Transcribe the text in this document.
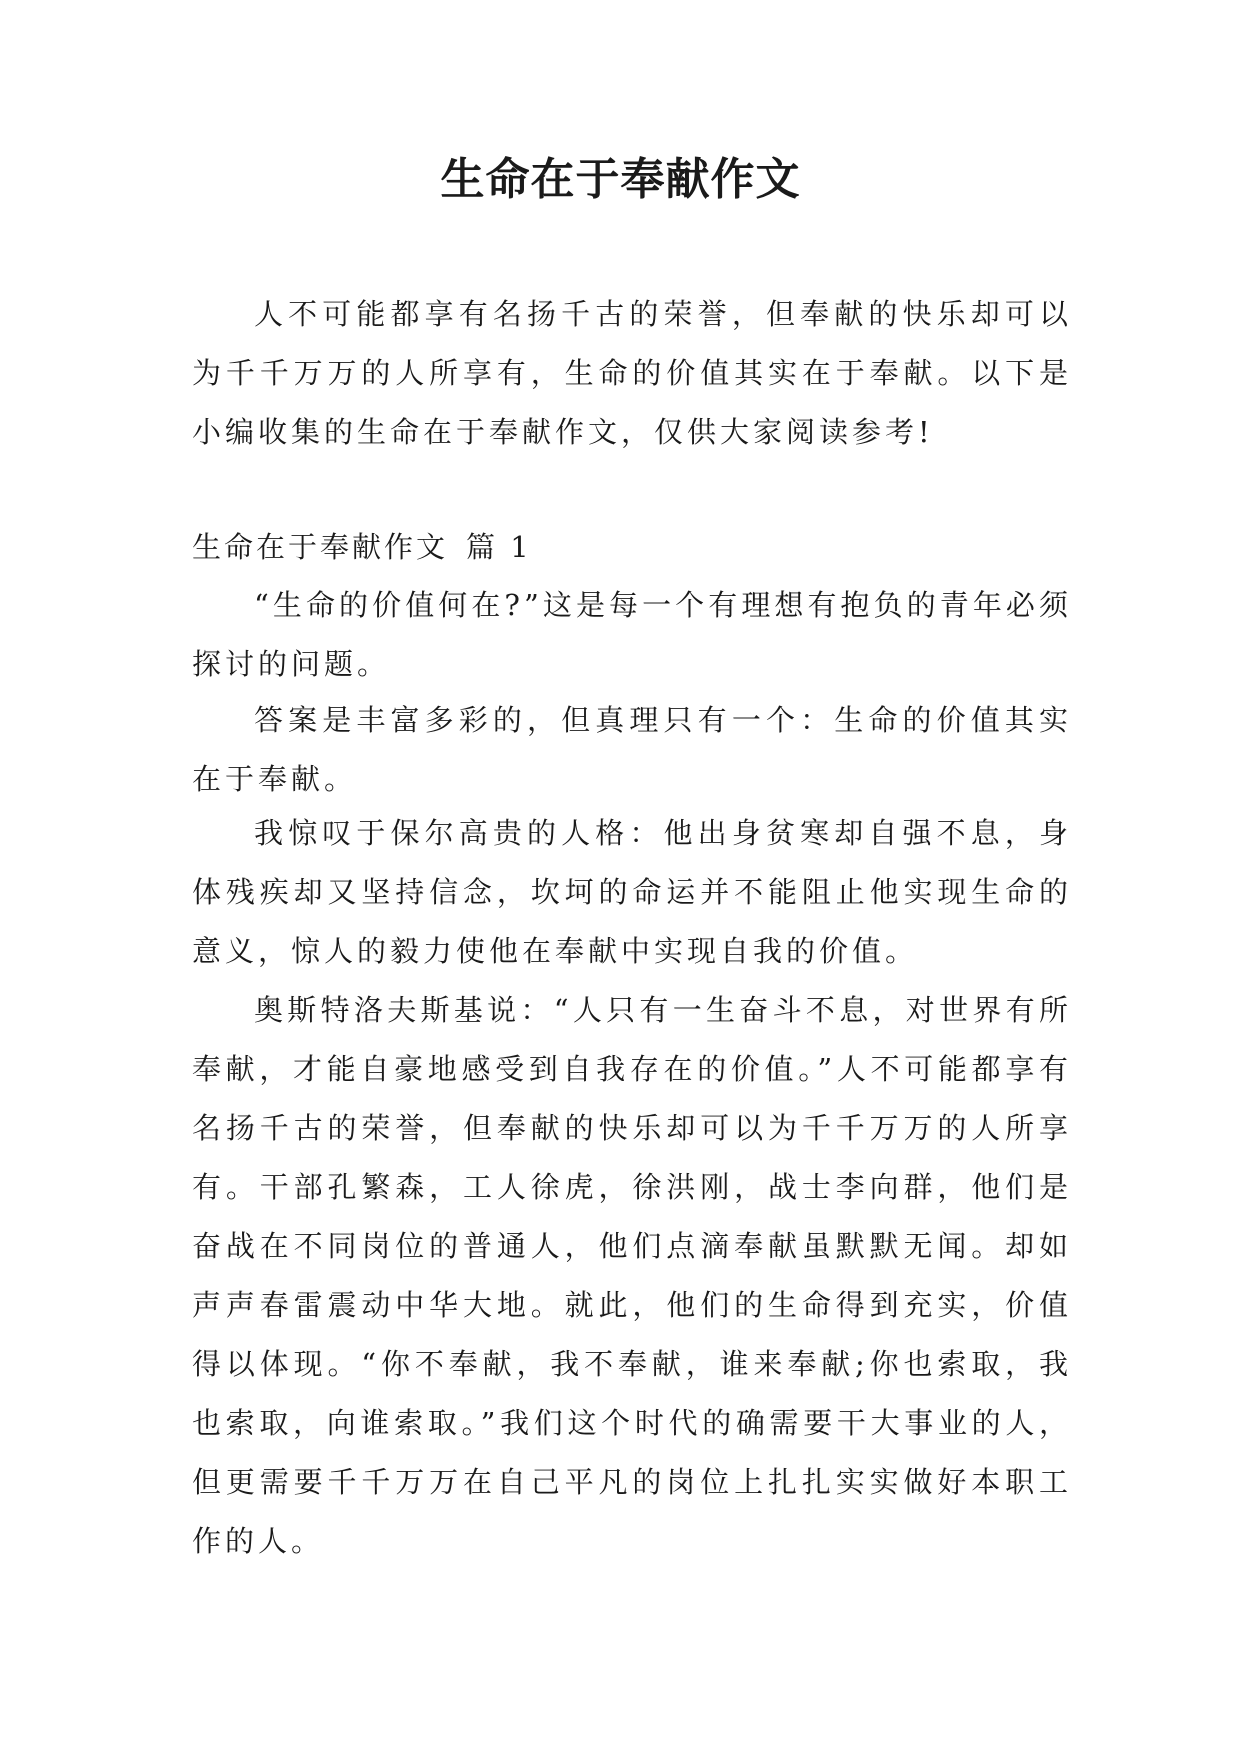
生命在于奉献作文

人不可能都享有名扬千古的荣誉，但奉献的快乐却可以为千千万万的人所享有，生命的价值其实在于奉献。以下是小编收集的生命在于奉献作文，仅供大家阅读参考!

生命在于奉献作文 篇 1

“生命的价值何在?”这是每一个有理想有抱负的青年必须探讨的问题。

答案是丰富多彩的，但真理只有一个：生命的价值其实在于奉献。

我惊叹于保尔高贵的人格：他出身贫寒却自强不息，身体残疾却又坚持信念，坎坷的命运并不能阻止他实现生命的意义，惊人的毅力使他在奉献中实现自我的价值。

奥斯特洛夫斯基说：“人只有一生奋斗不息，对世界有所奉献，才能自豪地感受到自我存在的价值。”人不可能都享有名扬千古的荣誉，但奉献的快乐却可以为千千万万的人所享有。干部孔繁森，工人徐虎，徐洪刚，战士李向群，他们是奋战在不同岗位的普通人，他们点滴奉献虽默默无闻。却如声声春雷震动中华大地。就此，他们的生命得到充实，价值得以体现。“你不奉献，我不奉献，谁来奉献;你也索取，我也索取，向谁索取。”我们这个时代的确需要干大事业的人，但更需要千千万万在自己平凡的岗位上扎扎实实做好本职工作的人。
